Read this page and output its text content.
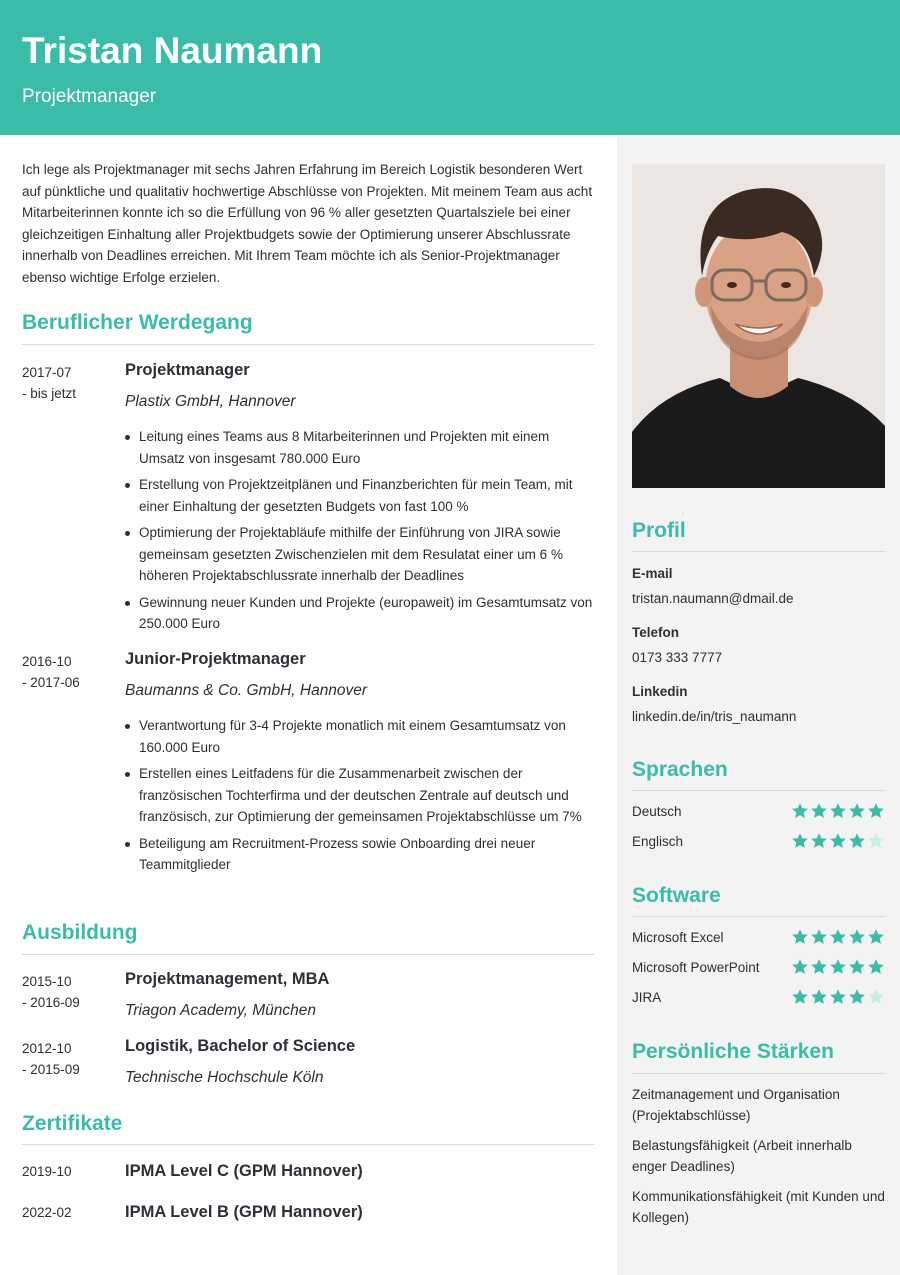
Tristan Naumann
Projektmanager

Ich lege als Projektmanager mit sechs Jahren Erfahrung im Bereich Logistik besonderen Wert auf pünktliche und qualitativ hochwertige Abschlüsse von Projekten. Mit meinem Team aus acht Mitarbeiterinnen konnte ich so die Erfüllung von 96 % aller gesetzten Quartalsziele bei einer gleichzeitigen Einhaltung aller Projektbudgets sowie der Optimierung unserer Abschlussrate innerhalb von Deadlines erreichen. Mit Ihrem Team möchte ich als Senior-Projektmanager ebenso wichtige Erfolge erzielen.

Beruflicher Werdegang
2017-07
- bis jetzt
Projektmanager
Plastix GmbH, Hannover
Leitung eines Teams aus 8 Mitarbeiterinnen und Projekten mit einem Umsatz von insgesamt 780.000 Euro
Erstellung von Projektzeitplänen und Finanzberichten für mein Team, mit einer Einhaltung der gesetzten Budgets von fast 100 %
Optimierung der Projektabläufe mithilfe der Einführung von JIRA sowie gemeinsam gesetzten Zwischenzielen mit dem Resulatat einer um 6 % höheren Projektabschlussrate innerhalb der Deadlines
Gewinnung neuer Kunden und Projekte (europaweit) im Gesamtumsatz von 250.000 Euro
2016-10
- 2017-06
Junior-Projektmanager
Baumanns & Co. GmbH, Hannover
Verantwortung für 3-4 Projekte monatlich mit einem Gesamtumsatz von 160.000 Euro
Erstellen eines Leitfadens für die Zusammenarbeit zwischen der französischen Tochterfirma und der deutschen Zentrale auf deutsch und französisch, zur Optimierung der gemeinsamen Projektabschlüsse um 7%
Beteiligung am Recruitment-Prozess sowie Onboarding drei neuer Teammitglieder
Ausbildung
2015-10
- 2016-09
Projektmanagement, MBA
Triagon Academy, München
2012-10
- 2015-09
Logistik, Bachelor of Science
Technische Hochschule Köln
Zertifikate
2019-10	IPMA Level C (GPM Hannover)
2022-02	IPMA Level B (GPM Hannover)
Profil
E-mail
tristan.naumann@dmail.de
Telefon
0173 333 7777
Linkedin
linkedin.de/in/tris_naumann
Sprachen
Deutsch
Englisch
Software
Microsoft Excel
Microsoft PowerPoint
JIRA
Persönliche Stärken
Zeitmanagement und Organisation (Projektabschlüsse)
Belastungsfähigkeit (Arbeit innerhalb enger Deadlines)
Kommunikationsfähigkeit (mit Kunden und Kollegen)
